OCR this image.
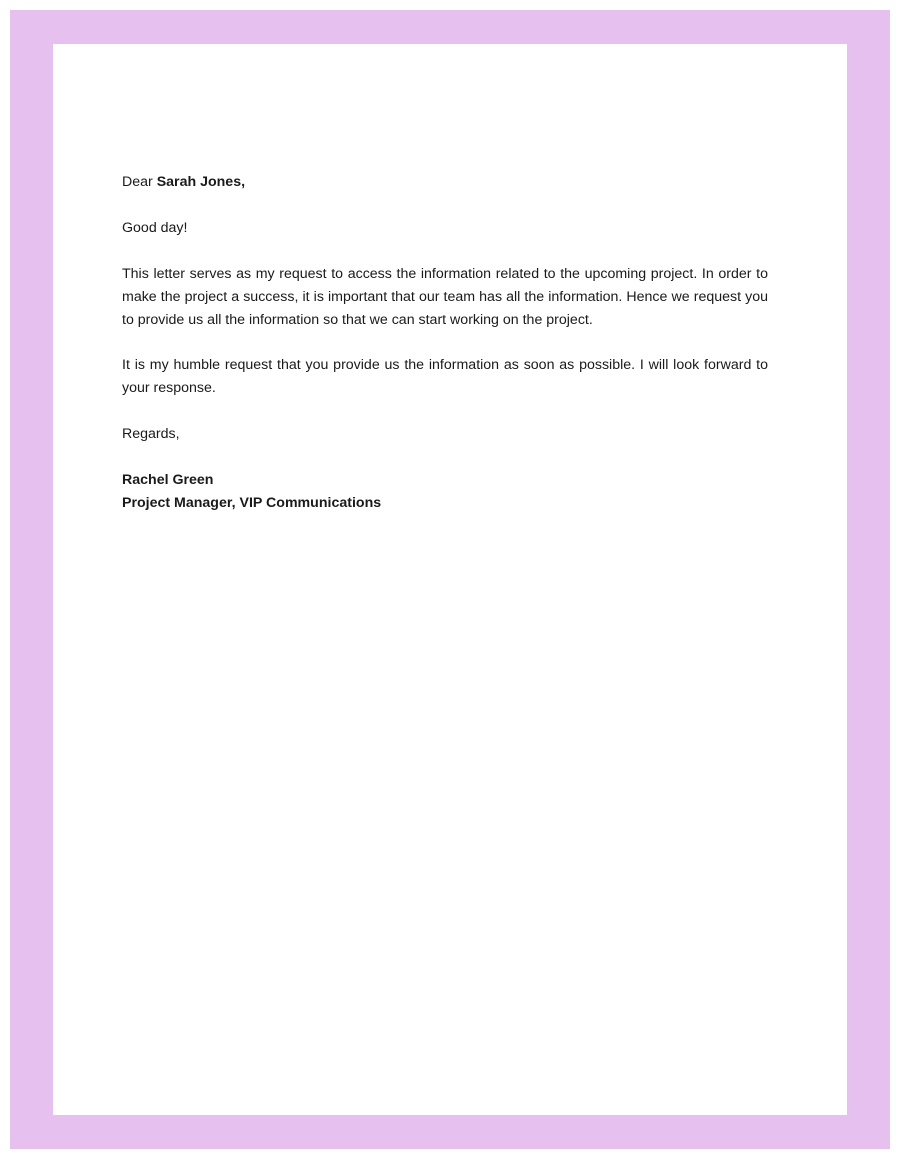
Dear Sarah Jones,

Good day!

This letter serves as my request to access the information related to the upcoming project. In order to make the project a success, it is important that our team has all the information. Hence we request you to provide us all the information so that we can start working on the project.

It is my humble request that you provide us the information as soon as possible. I will look forward to your response.

Regards,

Rachel Green

Project Manager, VIP Communications
